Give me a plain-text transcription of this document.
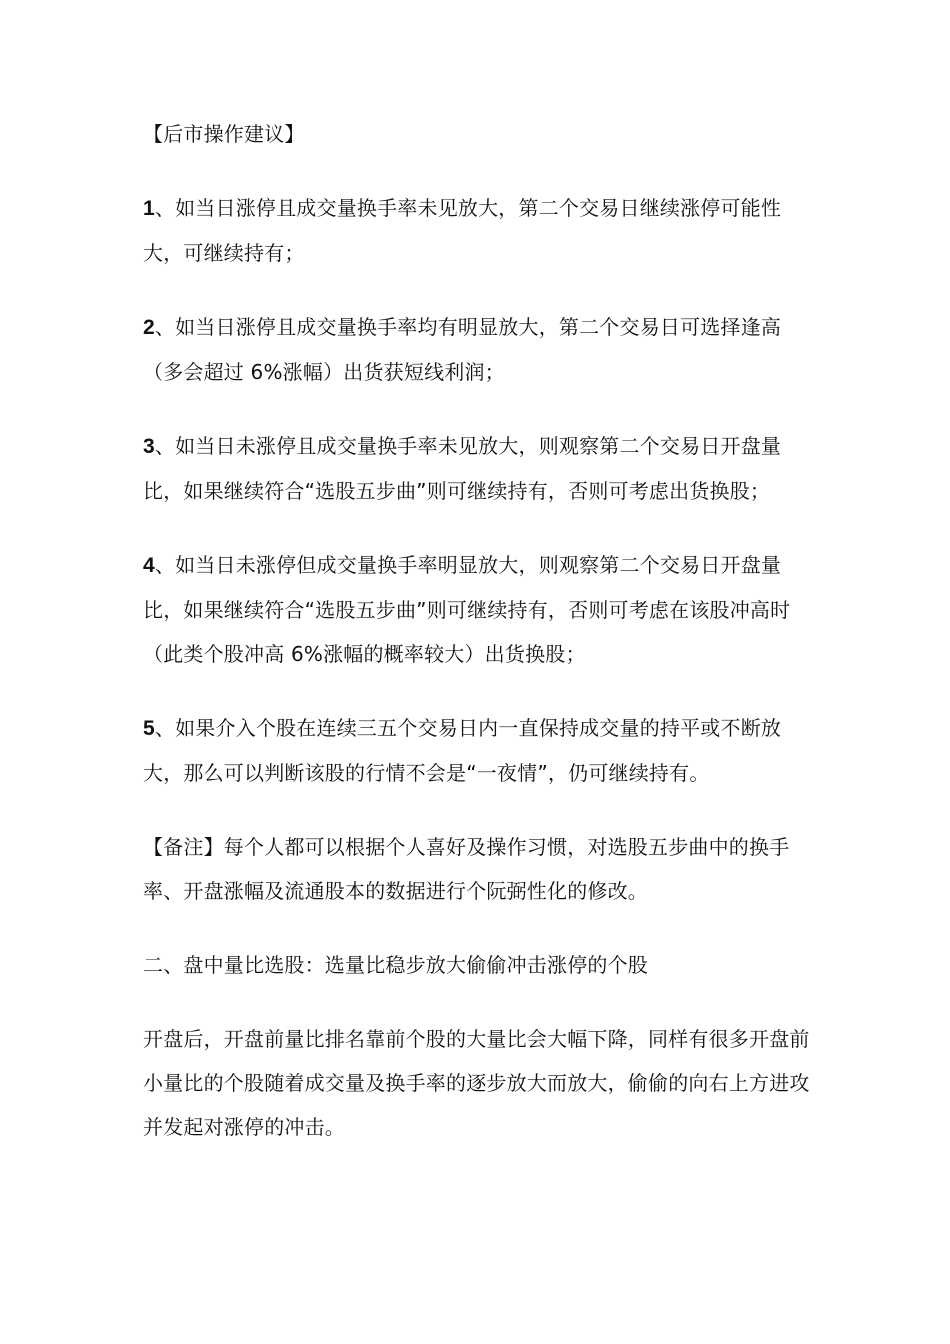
【后市操作建议】

1、如当日涨停且成交量换手率未见放大，第二个交易日继续涨停可能性大，可继续持有；

2、如当日涨停且成交量换手率均有明显放大，第二个交易日可选择逢高（多会超过 6%涨幅）出货获短线利润；

3、如当日未涨停且成交量换手率未见放大，则观察第二个交易日开盘量比，如果继续符合“选股五步曲”则可继续持有，否则可考虑出货换股；

4、如当日未涨停但成交量换手率明显放大，则观察第二个交易日开盘量比，如果继续符合“选股五步曲”则可继续持有，否则可考虑在该股冲高时（此类个股冲高 6%涨幅的概率较大）出货换股；

5、如果介入个股在连续三五个交易日内一直保持成交量的持平或不断放大，那么可以判断该股的行情不会是“一夜情”，仍可继续持有。

【备注】每个人都可以根据个人喜好及操作习惯，对选股五步曲中的换手率、开盘涨幅及流通股本的数据进行个阮弼性化的修改。

二、盘中量比选股：选量比稳步放大偷偷冲击涨停的个股

开盘后，开盘前量比排名靠前个股的大量比会大幅下降，同样有很多开盘前小量比的个股随着成交量及换手率的逐步放大而放大，偷偷的向右上方进攻并发起对涨停的冲击。
